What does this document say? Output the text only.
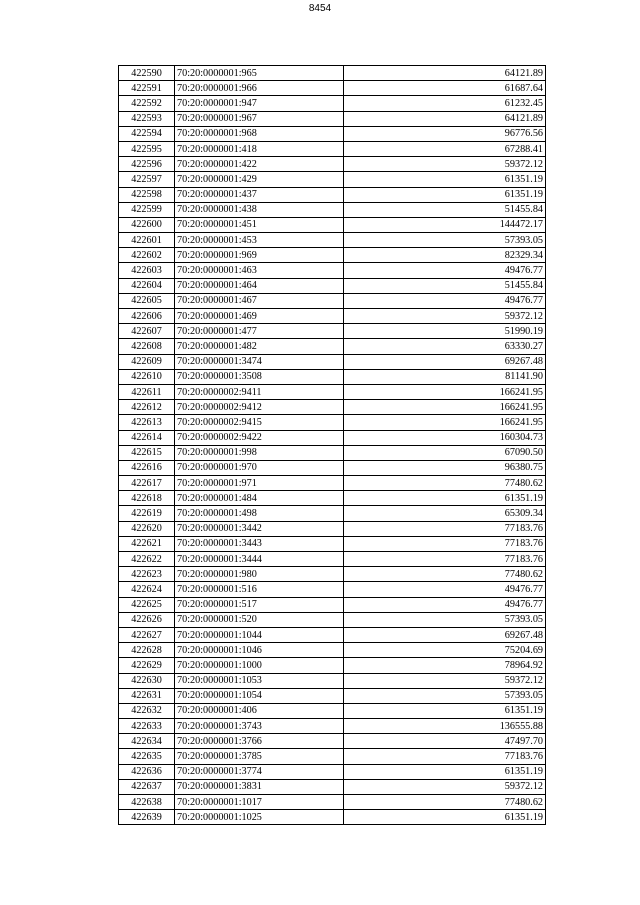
8454
422590	70:20:0000001:965	64121.89
422591	70:20:0000001:966	61687.64
422592	70:20:0000001:947	61232.45
422593	70:20:0000001:967	64121.89
422594	70:20:0000001:968	96776.56
422595	70:20:0000001:418	67288.41
422596	70:20:0000001:422	59372.12
422597	70:20:0000001:429	61351.19
422598	70:20:0000001:437	61351.19
422599	70:20:0000001:438	51455.84
422600	70:20:0000001:451	144472.17
422601	70:20:0000001:453	57393.05
422602	70:20:0000001:969	82329.34
422603	70:20:0000001:463	49476.77
422604	70:20:0000001:464	51455.84
422605	70:20:0000001:467	49476.77
422606	70:20:0000001:469	59372.12
422607	70:20:0000001:477	51990.19
422608	70:20:0000001:482	63330.27
422609	70:20:0000001:3474	69267.48
422610	70:20:0000001:3508	81141.90
422611	70:20:0000002:9411	166241.95
422612	70:20:0000002:9412	166241.95
422613	70:20:0000002:9415	166241.95
422614	70:20:0000002:9422	160304.73
422615	70:20:0000001:998	67090.50
422616	70:20:0000001:970	96380.75
422617	70:20:0000001:971	77480.62
422618	70:20:0000001:484	61351.19
422619	70:20:0000001:498	65309.34
422620	70:20:0000001:3442	77183.76
422621	70:20:0000001:3443	77183.76
422622	70:20:0000001:3444	77183.76
422623	70:20:0000001:980	77480.62
422624	70:20:0000001:516	49476.77
422625	70:20:0000001:517	49476.77
422626	70:20:0000001:520	57393.05
422627	70:20:0000001:1044	69267.48
422628	70:20:0000001:1046	75204.69
422629	70:20:0000001:1000	78964.92
422630	70:20:0000001:1053	59372.12
422631	70:20:0000001:1054	57393.05
422632	70:20:0000001:406	61351.19
422633	70:20:0000001:3743	136555.88
422634	70:20:0000001:3766	47497.70
422635	70:20:0000001:3785	77183.76
422636	70:20:0000001:3774	61351.19
422637	70:20:0000001:3831	59372.12
422638	70:20:0000001:1017	77480.62
422639	70:20:0000001:1025	61351.19
